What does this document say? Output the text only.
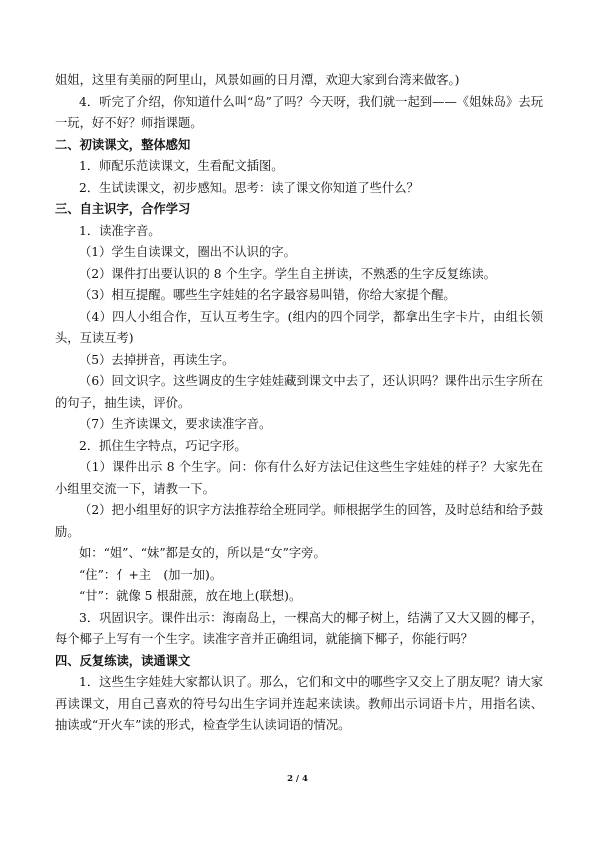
姐姐，这里有美丽的阿里山，风景如画的日月潭，欢迎大家到台湾来做客。)

4．听完了介绍，你知道什么叫“岛”了吗？今天呀，我们就一起到——《姐妹岛》去玩一玩，好不好？师指课题。

二、初读课文，整体感知

1．师配乐范读课文，生看配文插图。

2．生试读课文，初步感知。思考：读了课文你知道了些什么？

三、自主识字，合作学习

1．读准字音。

（1）学生自读课文，圈出不认识的字。

（2）课件打出要认识的 8 个生字。学生自主拼读，不熟悉的生字反复练读。

（3）相互提醒。哪些生字娃娃的名字最容易叫错，你给大家提个醒。

（4）四人小组合作，互认互考生字。(组内的四个同学，都拿出生字卡片，由组长领头，互读互考)

（5）去掉拼音，再读生字。

（6）回文识字。这些调皮的生字娃娃藏到课文中去了，还认识吗？课件出示生字所在的句子，抽生读，评价。

（7）生齐读课文，要求读准字音。

2．抓住生字特点，巧记字形。

（1）课件出示 8 个生字。问：你有什么好方法记住这些生字娃娃的样子？大家先在小组里交流一下，请教一下。

（2）把小组里好的识字方法推荐给全班同学。师根据学生的回答，及时总结和给予鼓励。

如：“姐”、“妹”都是女的，所以是“女”字旁。

“住”：亻+主　(加一加)。

“甘”：就像 5 根甜蔗，放在地上(联想)。

3．巩固识字。课件出示：海南岛上，一棵高大的椰子树上，结满了又大又圆的椰子，每个椰子上写有一个生字。读准字音并正确组词，就能摘下椰子，你能行吗？

四、反复练读，读通课文

1．这些生字娃娃大家都认识了。那么，它们和文中的哪些字又交上了朋友呢？请大家再读课文，用自己喜欢的符号勾出生字词并连起来读读。教师出示词语卡片，用指名读、抽读或“开火车”读的形式，检查学生认读词语的情况。

2 / 4
